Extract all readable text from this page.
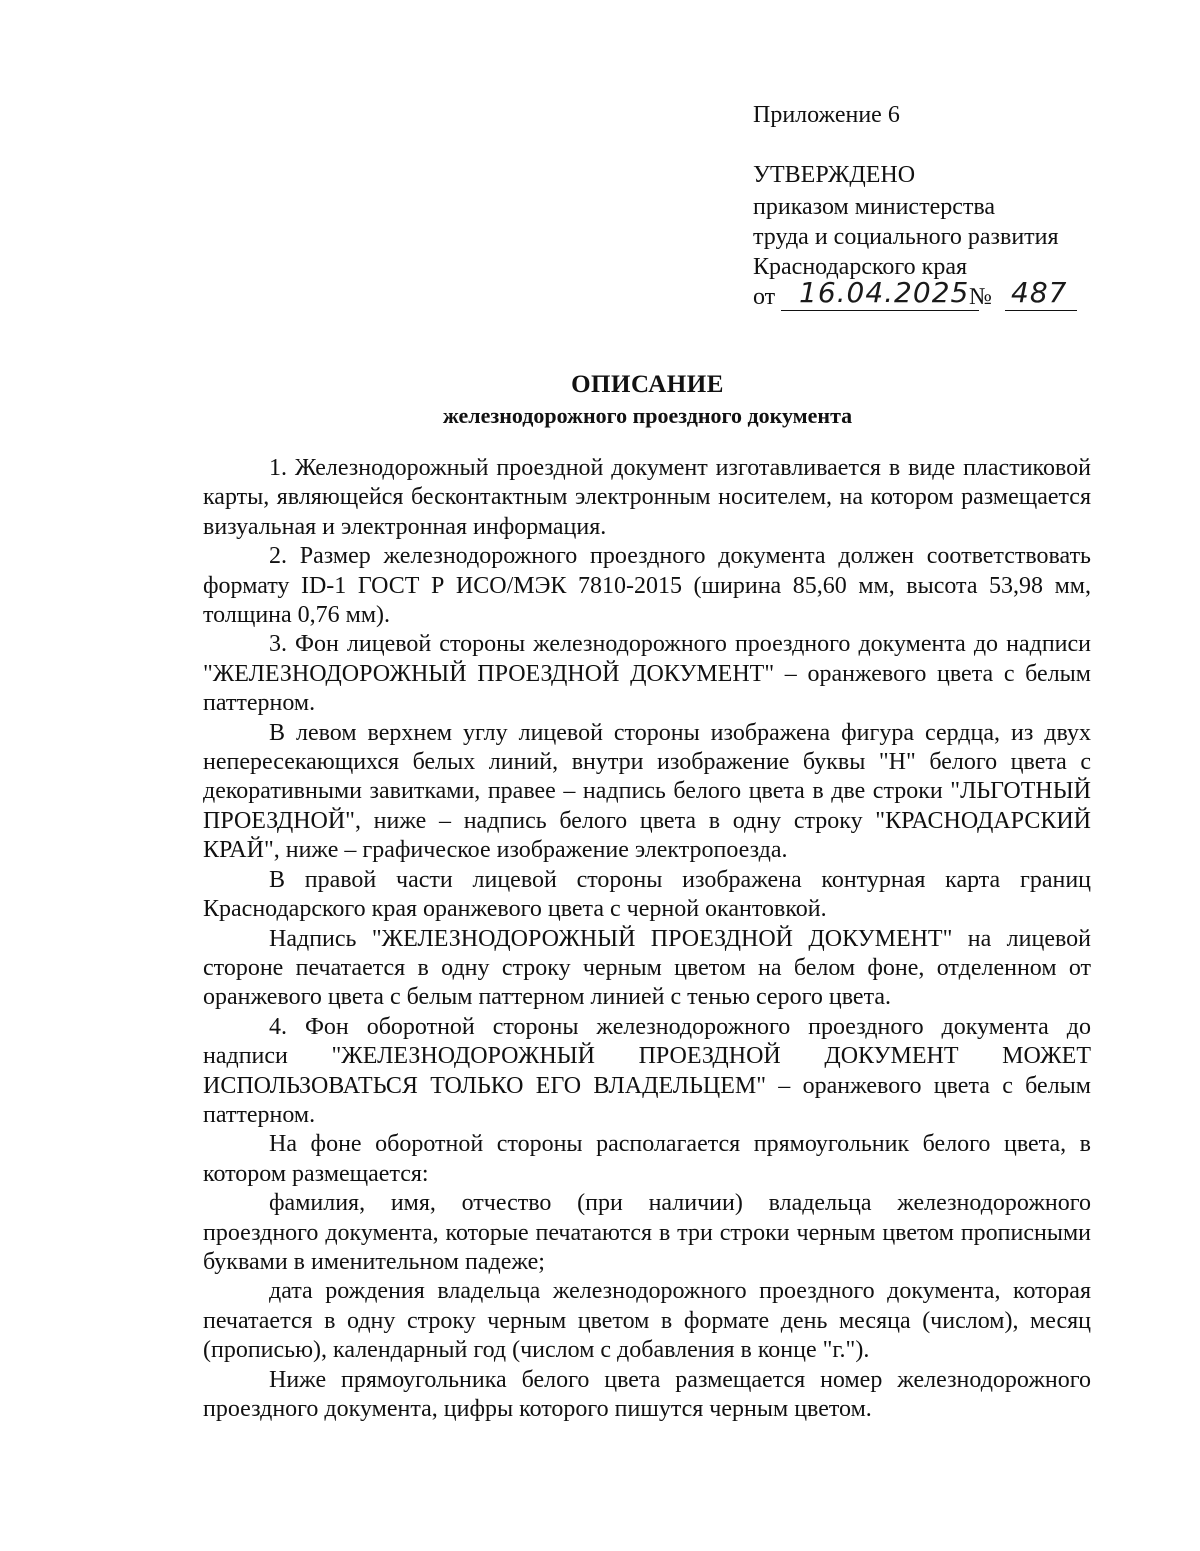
Приложение 6
УТВЕРЖДЕНО
приказом министерства
труда и социального развития
Краснодарского края
от 16.04.2025 № 487
ОПИСАНИЕ
железнодорожного проездного документа

1. Железнодорожный проездной документ изготавливается в виде пластиковой карты, являющейся бесконтактным электронным носителем, на котором размещается визуальная и электронная информация.

2. Размер железнодорожного проездного документа должен соответствовать формату ID-1 ГОСТ Р ИСО/МЭК 7810-2015 (ширина 85,60 мм, высота 53,98 мм, толщина 0,76 мм).

3. Фон лицевой стороны железнодорожного проездного документа до надписи "ЖЕЛЕЗНОДОРОЖНЫЙ ПРОЕЗДНОЙ ДОКУМЕНТ" – оранжевого цвета с белым паттерном.

В левом верхнем углу лицевой стороны изображена фигура сердца, из двух непересекающихся белых линий, внутри изображение буквы "Н" белого цвета с декоративными завитками, правее – надпись белого цвета в две строки "ЛЬГОТНЫЙ ПРОЕЗДНОЙ", ниже – надпись белого цвета в одну строку "КРАСНОДАРСКИЙ КРАЙ", ниже – графическое изображение электропоезда.

В правой части лицевой стороны изображена контурная карта границ Краснодарского края оранжевого цвета с черной окантовкой.

Надпись "ЖЕЛЕЗНОДОРОЖНЫЙ ПРОЕЗДНОЙ ДОКУМЕНТ" на лицевой стороне печатается в одну строку черным цветом на белом фоне, отделенном от оранжевого цвета с белым паттерном линией с тенью серого цвета.

4. Фон оборотной стороны железнодорожного проездного документа до надписи "ЖЕЛЕЗНОДОРОЖНЫЙ ПРОЕЗДНОЙ ДОКУМЕНТ МОЖЕТ ИСПОЛЬЗОВАТЬСЯ ТОЛЬКО ЕГО ВЛАДЕЛЬЦЕМ" – оранжевого цвета с белым паттерном.

На фоне оборотной стороны располагается прямоугольник белого цвета, в котором размещается:

фамилия, имя, отчество (при наличии) владельца железнодорожного проездного документа, которые печатаются в три строки черным цветом прописными буквами в именительном падеже;

дата рождения владельца железнодорожного проездного документа, которая печатается в одну строку черным цветом в формате день месяца (числом), месяц (прописью), календарный год (числом с добавления в конце "г.").

Ниже прямоугольника белого цвета размещается номер железнодорожного проездного документа, цифры которого пишутся черным цветом.
